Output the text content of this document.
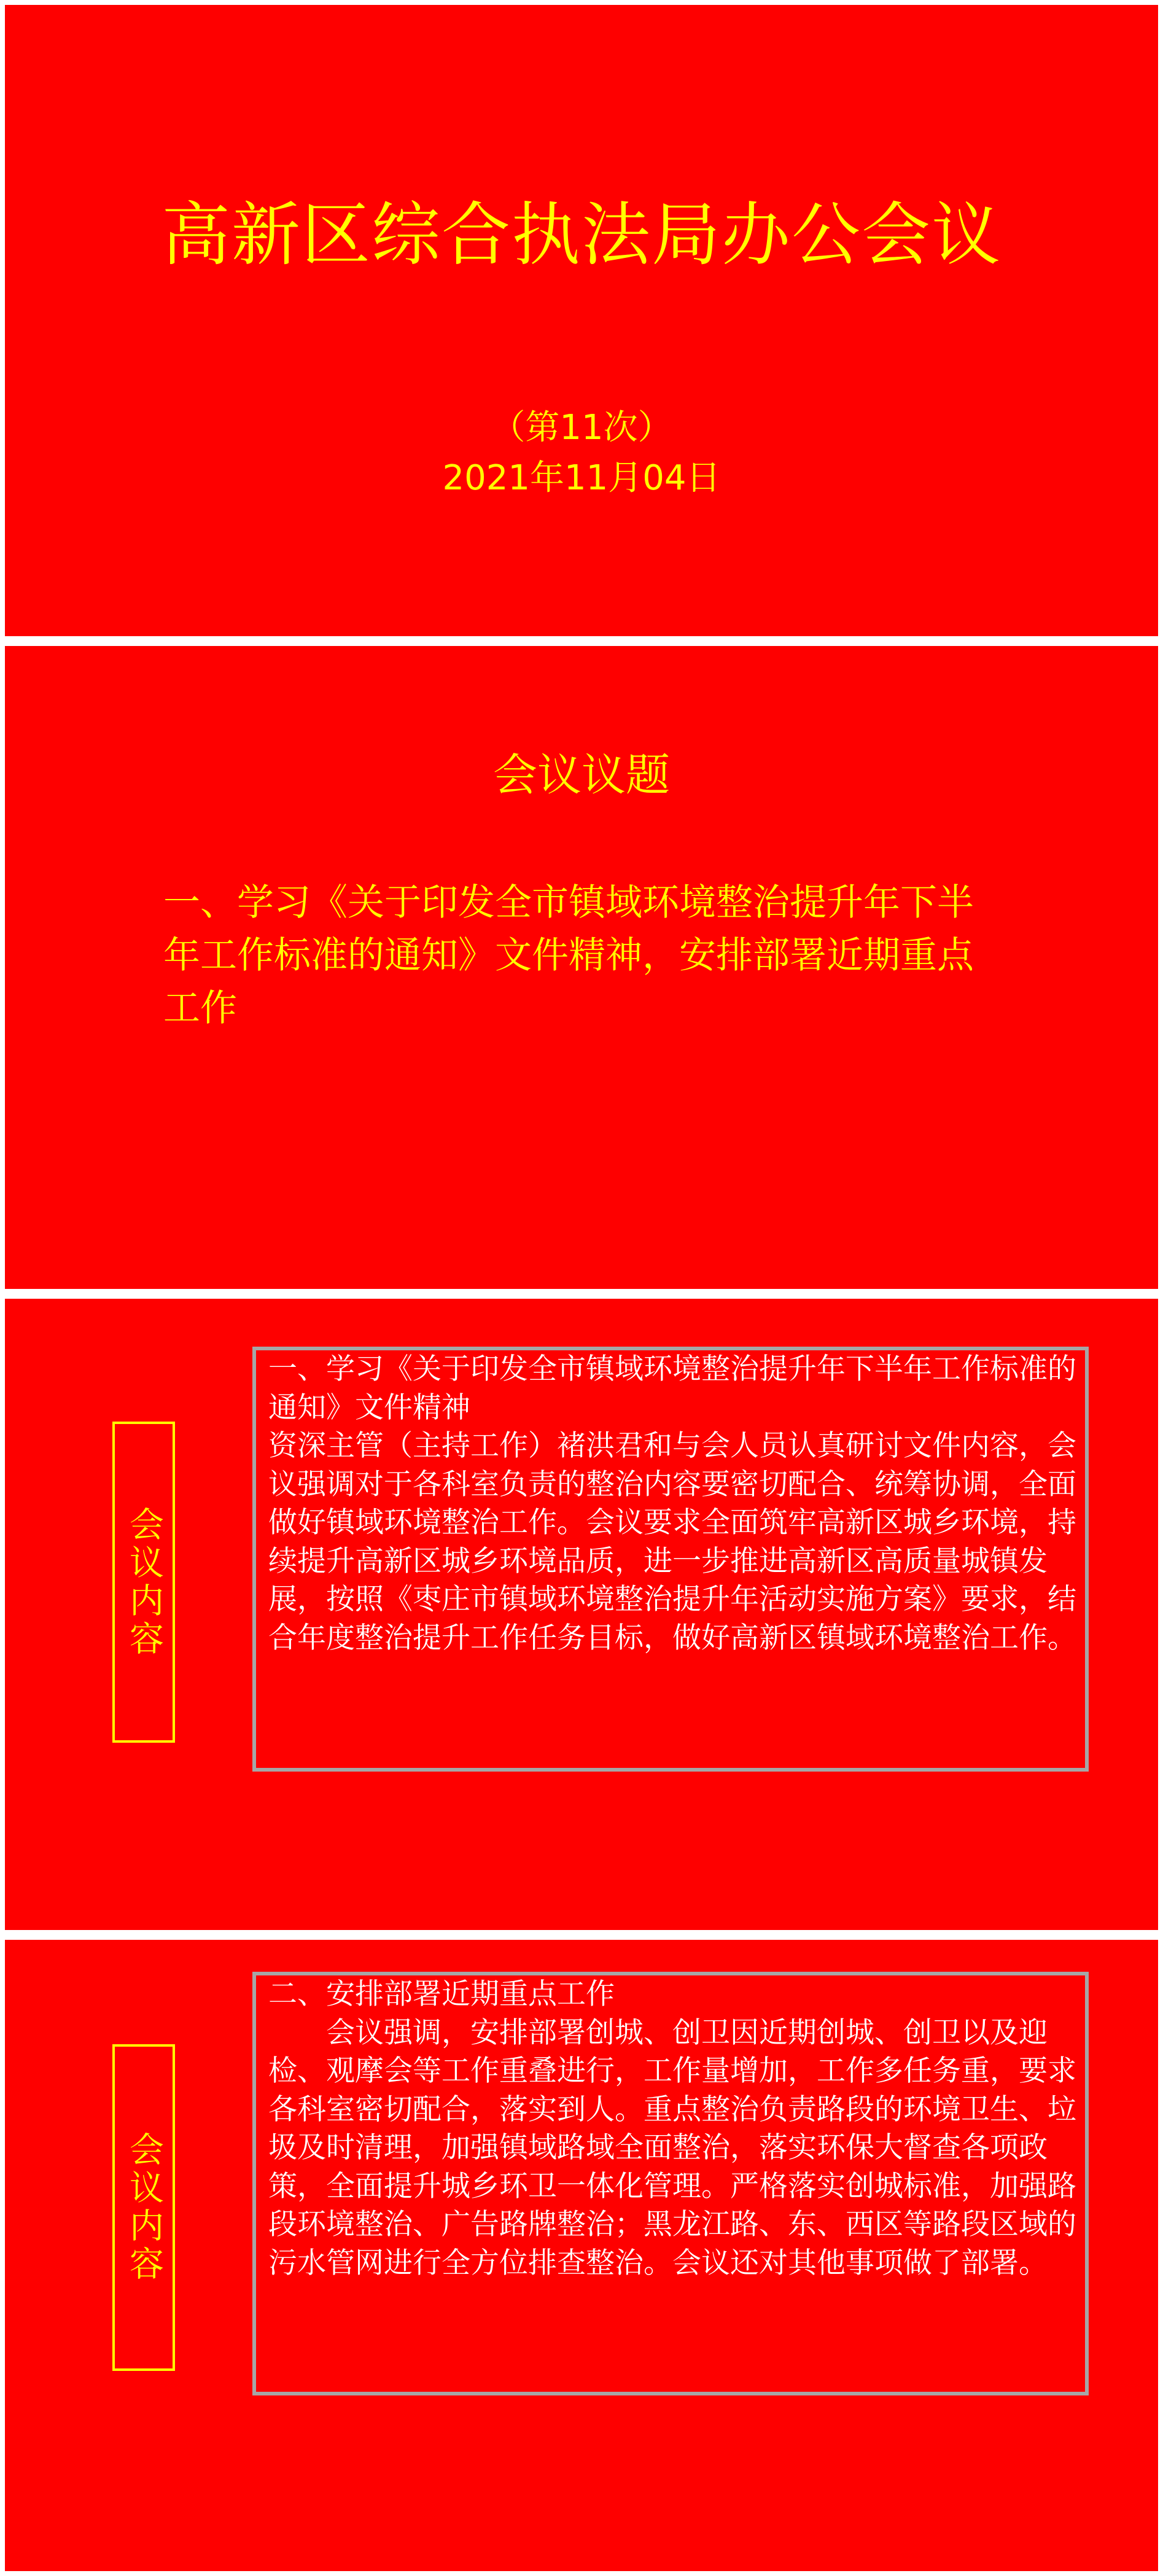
高新区综合执法局办公会议
（第11次）
2021年11月04日
会议议题
一、学习《关于印发全市镇域环境整治提升年下半年工作标准的通知》文件精神，安排部署近期重点工作
会议内容

一、学习《关于印发全市镇域环境整治提升年下半年工作标准的通知》文件精神

资深主管（主持工作）褚洪君和与会人员认真研讨文件内容，会议强调对于各科室负责的整治内容要密切配合、统筹协调，全面做好镇域环境整治工作。会议要求全面筑牢高新区城乡环境，持续提升高新区城乡环境品质，进一步推进高新区高质量城镇发展，按照《枣庄市镇域环境整治提升年活动实施方案》要求，结合年度整治提升工作任务目标，做好高新区镇域环境整治工作。

会议内容

二、安排部署近期重点工作

会议强调，安排部署创城、创卫因近期创城、创卫以及迎检、观摩会等工作重叠进行，工作量增加，工作多任务重，要求各科室密切配合，落实到人。重点整治负责路段的环境卫生、垃圾及时清理，加强镇域路域全面整治，落实环保大督查各项政策，全面提升城乡环卫一体化管理。严格落实创城标准，加强路段环境整治、广告路牌整治；黑龙江路、东、西区等路段区域的污水管网进行全方位排查整治。会议还对其他事项做了部署。
